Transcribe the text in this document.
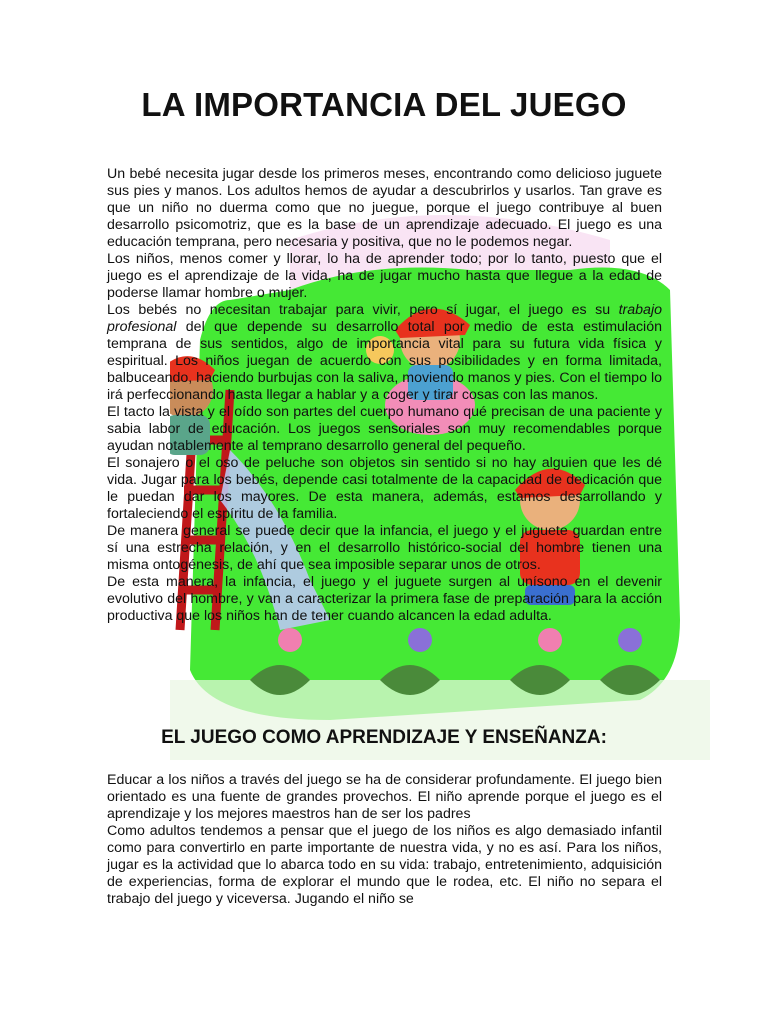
LA IMPORTANCIA DEL JUEGO

Un bebé necesita jugar desde los primeros meses, encontrando como delicioso juguete sus pies y manos. Los adultos hemos de ayudar a descubrirlos y usarlos. Tan grave es que un niño no duerma como que no juegue, porque el juego contribuye al buen desarrollo psicomotriz, que es la base de un aprendizaje adecuado. El juego es una educación temprana, pero necesaria y positiva, que no le podemos negar.

Los niños, menos comer y llorar, lo ha de aprender todo; por lo tanto, puesto que el juego es el aprendizaje de la vida, ha de jugar mucho hasta que llegue a la edad de poderse llamar hombre o mujer.

Los bebés no necesitan trabajar para vivir, pero sí jugar, el juego es su trabajo profesional del que depende su desarrollo total por medio de esta estimulación temprana de sus sentidos, algo de importancia vital para su futura vida física y espiritual. Los niños juegan de acuerdo con sus posibilidades y en forma limitada, balbuceando, haciendo burbujas con la saliva, moviendo manos y pies. Con el tiempo lo irá perfeccionando hasta llegar a hablar y a coger y tirar cosas con las manos.

El tacto la vista y el oído son partes del cuerpo humano qué precisan de una paciente y sabia labor de educación. Los juegos sensoriales son muy recomendables porque ayudan notablemente al temprano desarrollo general del pequeño.

El sonajero o el oso de peluche son objetos sin sentido si no hay alguien que les dé vida. Jugar para los bebés, depende casi totalmente de la capacidad de dedicación que le puedan dar los mayores. De esta manera, además, estamos desarrollando y fortaleciendo el espíritu de la familia.

De manera general se puede decir que la infancia, el juego y el juguete guardan entre sí una estrecha relación, y en el desarrollo histórico-social del hombre tienen una misma ontogénesis, de ahí que sea imposible separar unos de otros.

De esta manera, la infancia, el juego y el juguete surgen al unísono en el devenir evolutivo del hombre, y van a caracterizar la primera fase de preparación para la acción productiva que los niños han de tener cuando alcancen la edad adulta.

EL JUEGO COMO APRENDIZAJE Y ENSEÑANZA:

Educar a los niños a través del juego se ha de considerar profundamente. El juego bien orientado es una fuente de grandes provechos. El niño aprende porque el juego es el aprendizaje y los mejores maestros han de ser los padres

Como adultos tendemos a pensar que el juego de los niños es algo demasiado infantil como para convertirlo en parte importante de nuestra vida, y no es así. Para los niños, jugar es la actividad que lo abarca todo en su vida: trabajo, entretenimiento, adquisición de experiencias, forma de explorar el mundo que le rodea, etc. El niño no separa el trabajo del juego y viceversa. Jugando el niño se
